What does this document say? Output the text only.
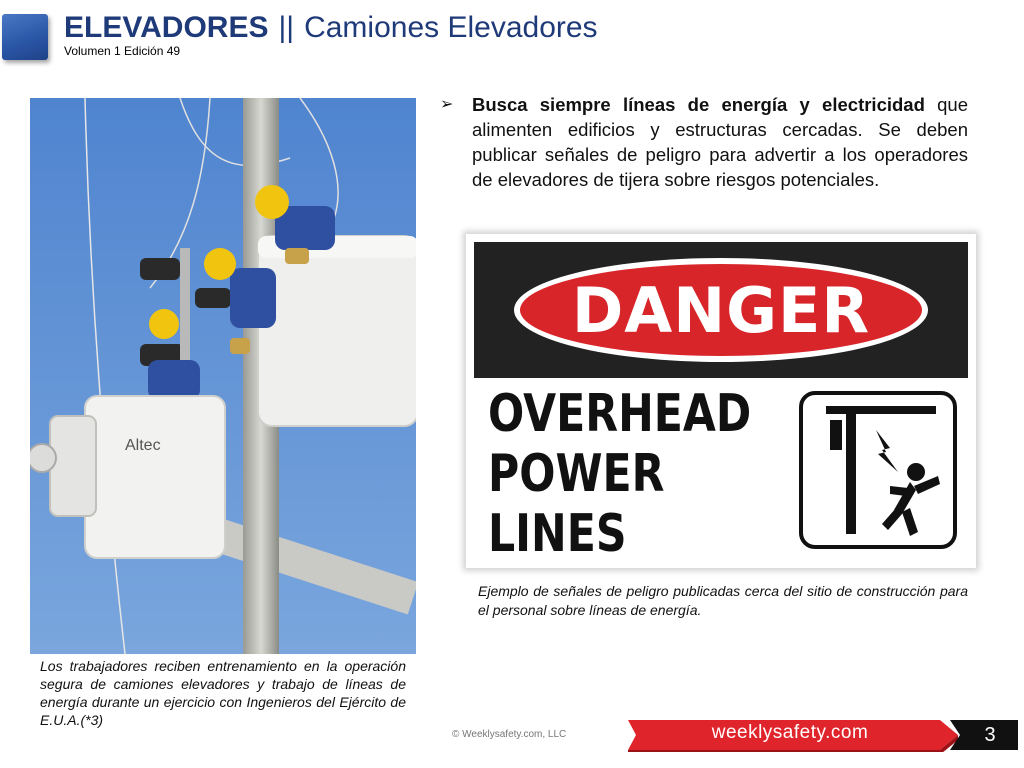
ELEVADORES || Camiones Elevadores
Volumen 1 Edición 49
Altec
Los trabajadores reciben entrenamiento en la operación segura de camiones elevadores y trabajo de líneas de energía durante un ejercicio con Ingenieros del Ejército de E.U.A.(*3)
➢	Busca siempre líneas de energía y electricidad que alimenten edificios y estructuras cercadas. Se deben publicar señales de peligro para advertir a los operadores de elevadores de tijera sobre riesgos potenciales.
DANGER
OVERHEAD
POWER
LINES
Ejemplo de señales de peligro publicadas cerca del sitio de construcción para el personal sobre líneas de energía.
© Weeklysafety.com, LLC	weeklysafety.com	3
